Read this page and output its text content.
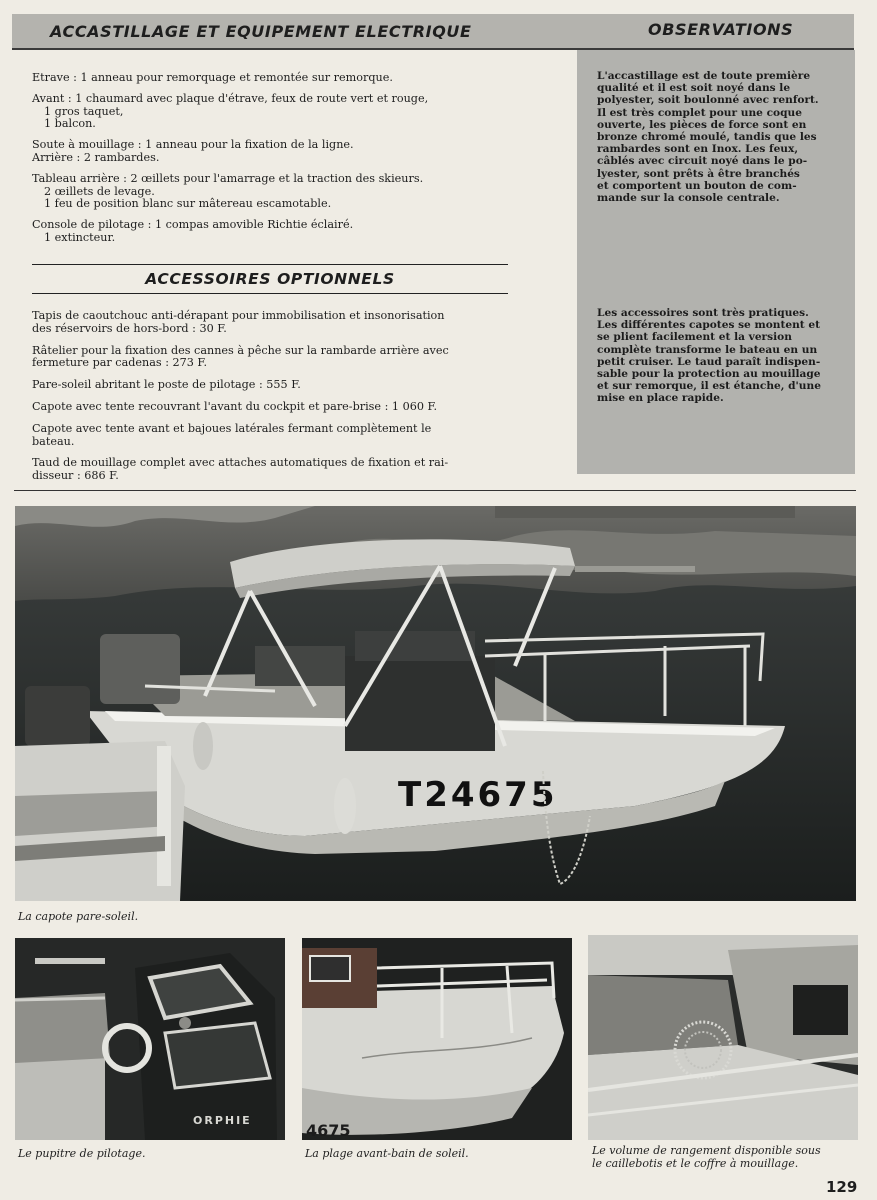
ACCASTILLAGE ET EQUIPEMENT ELECTRIQUE	OBSERVATIONS
L'accastillage est de toute première
qualité et il est soit noyé dans le
polyester, soit boulonné avec renfort.
Il est très complet pour une coque
ouverte, les pièces de force sont en
bronze chromé moulé, tandis que les
rambardes sont en Inox. Les feux,
câblés avec circuit noyé dans le po-
lyester, sont prêts à être branchés
et comportent un bouton de com-
mande sur la console centrale.
Les accessoires sont très pratiques.
Les différentes capotes se montent et
se plient facilement et la version
complète transforme le bateau en un
petit cruiser. Le taud paraît indispen-
sable pour la protection au mouillage
et sur remorque, il est étanche, d'une
mise en place rapide.
Etrave : 1 anneau pour remorquage et remontée sur remorque.
Avant : 1 chaumard avec plaque d'étrave, feux de route vert et rouge,
1 gros taquet,
1 balcon.
Soute à mouillage : 1 anneau pour la fixation de la ligne.
Arrière : 2 rambardes.
Tableau arrière : 2 œillets pour l'amarrage et la traction des skieurs.
2 œillets de levage.
1 feu de position blanc sur mâtereau escamotable.
Console de pilotage : 1 compas amovible Richtie éclairé.
1 extincteur.
ACCESSOIRES OPTIONNELS
Tapis de caoutchouc anti-dérapant pour immobilisation et insonorisation
des réservoirs de hors-bord : 30 F.
Râtelier pour la fixation des cannes à pêche sur la rambarde arrière avec
fermeture par cadenas : 273 F.
Pare-soleil abritant le poste de pilotage : 555 F.
Capote avec tente recouvrant l'avant du cockpit et pare-brise : 1 060 F.
Capote avec tente avant et bajoues latérales fermant complètement le
bateau.
Taud de mouillage complet avec attaches automatiques de fixation et rai-
disseur : 686 F.
T24675
La capote pare-soleil.
ORPHIE
Le pupitre de pilotage.
4675
La plage avant-bain de soleil.	Le volume de rangement disponible sous
le caillebotis et le coffre à mouillage.
129
